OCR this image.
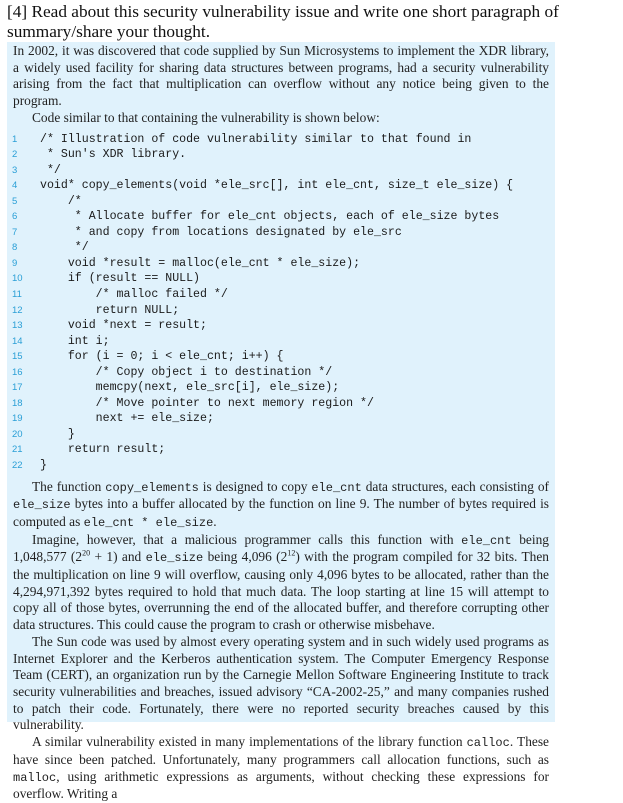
[4] Read about this security vulnerability issue and write one short paragraph of summary/share your thought.

In 2002, it was discovered that code supplied by Sun Microsystems to implement the XDR library, a widely used facility for sharing data structures between programs, had a security vulnerability arising from the fact that multiplication can overflow without any notice being given to the program.

Code similar to that containing the vulnerability is shown below:

1	/* Illustration of code vulnerability similar to that found in
2	* Sun's XDR library.
3	*/
4	void* copy_elements(void *ele_src[], int ele_cnt, size_t ele_size) {
5	/*
6	* Allocate buffer for ele_cnt objects, each of ele_size bytes
7	* and copy from locations designated by ele_src
8	*/
9	void *result = malloc(ele_cnt * ele_size);
10 if (result == NULL)
11	/* malloc failed */
12 return NULL;
13 void *next = result;
14 int i;
15 for (i = 0; i < ele_cnt; i++) {
16 /* Copy object i to destination */
17 memcpy(next, ele_src[i], ele_size);
18 /* Move pointer to next memory region */
19 next += ele_size;
20 }
21 return result;
22 }

The function copy_elements is designed to copy ele_cnt data structures, each consisting of ele_size bytes into a buffer allocated by the function on line 9. The number of bytes required is computed as ele_cnt * ele_size.

Imagine, however, that a malicious programmer calls this function with ele_cnt being 1,048,577 $(2^{20} + 1)$ and ele_size being 4,096 $(2^{12})$ with the program compiled for 32 bits. Then the multiplication on line 9 will overflow, causing only 4,096 bytes to be allocated, rather than the 4,294,971,392 bytes required to hold that much data. The loop starting at line 15 will attempt to copy all of those bytes, overrunning the end of the allocated buffer, and therefore corrupting other data structures. This could cause the program to crash or otherwise misbehave.

The Sun code was used by almost every operating system and in such widely used programs as Internet Explorer and the Kerberos authentication system. The Computer Emergency Response Team (CERT), an organization run by the Carnegie Mellon Software Engineering Institute to track security vulnerabilities and breaches, issued advisory “CA-2002-25,” and many companies rushed to patch their code. Fortunately, there were no reported security breaches caused by this vulnerability.

A similar vulnerability existed in many implementations of the library function calloc. These have since been patched. Unfortunately, many programmers call allocation functions, such as malloc, using arithmetic expressions as arguments, without checking these expressions for overflow. Writing a
